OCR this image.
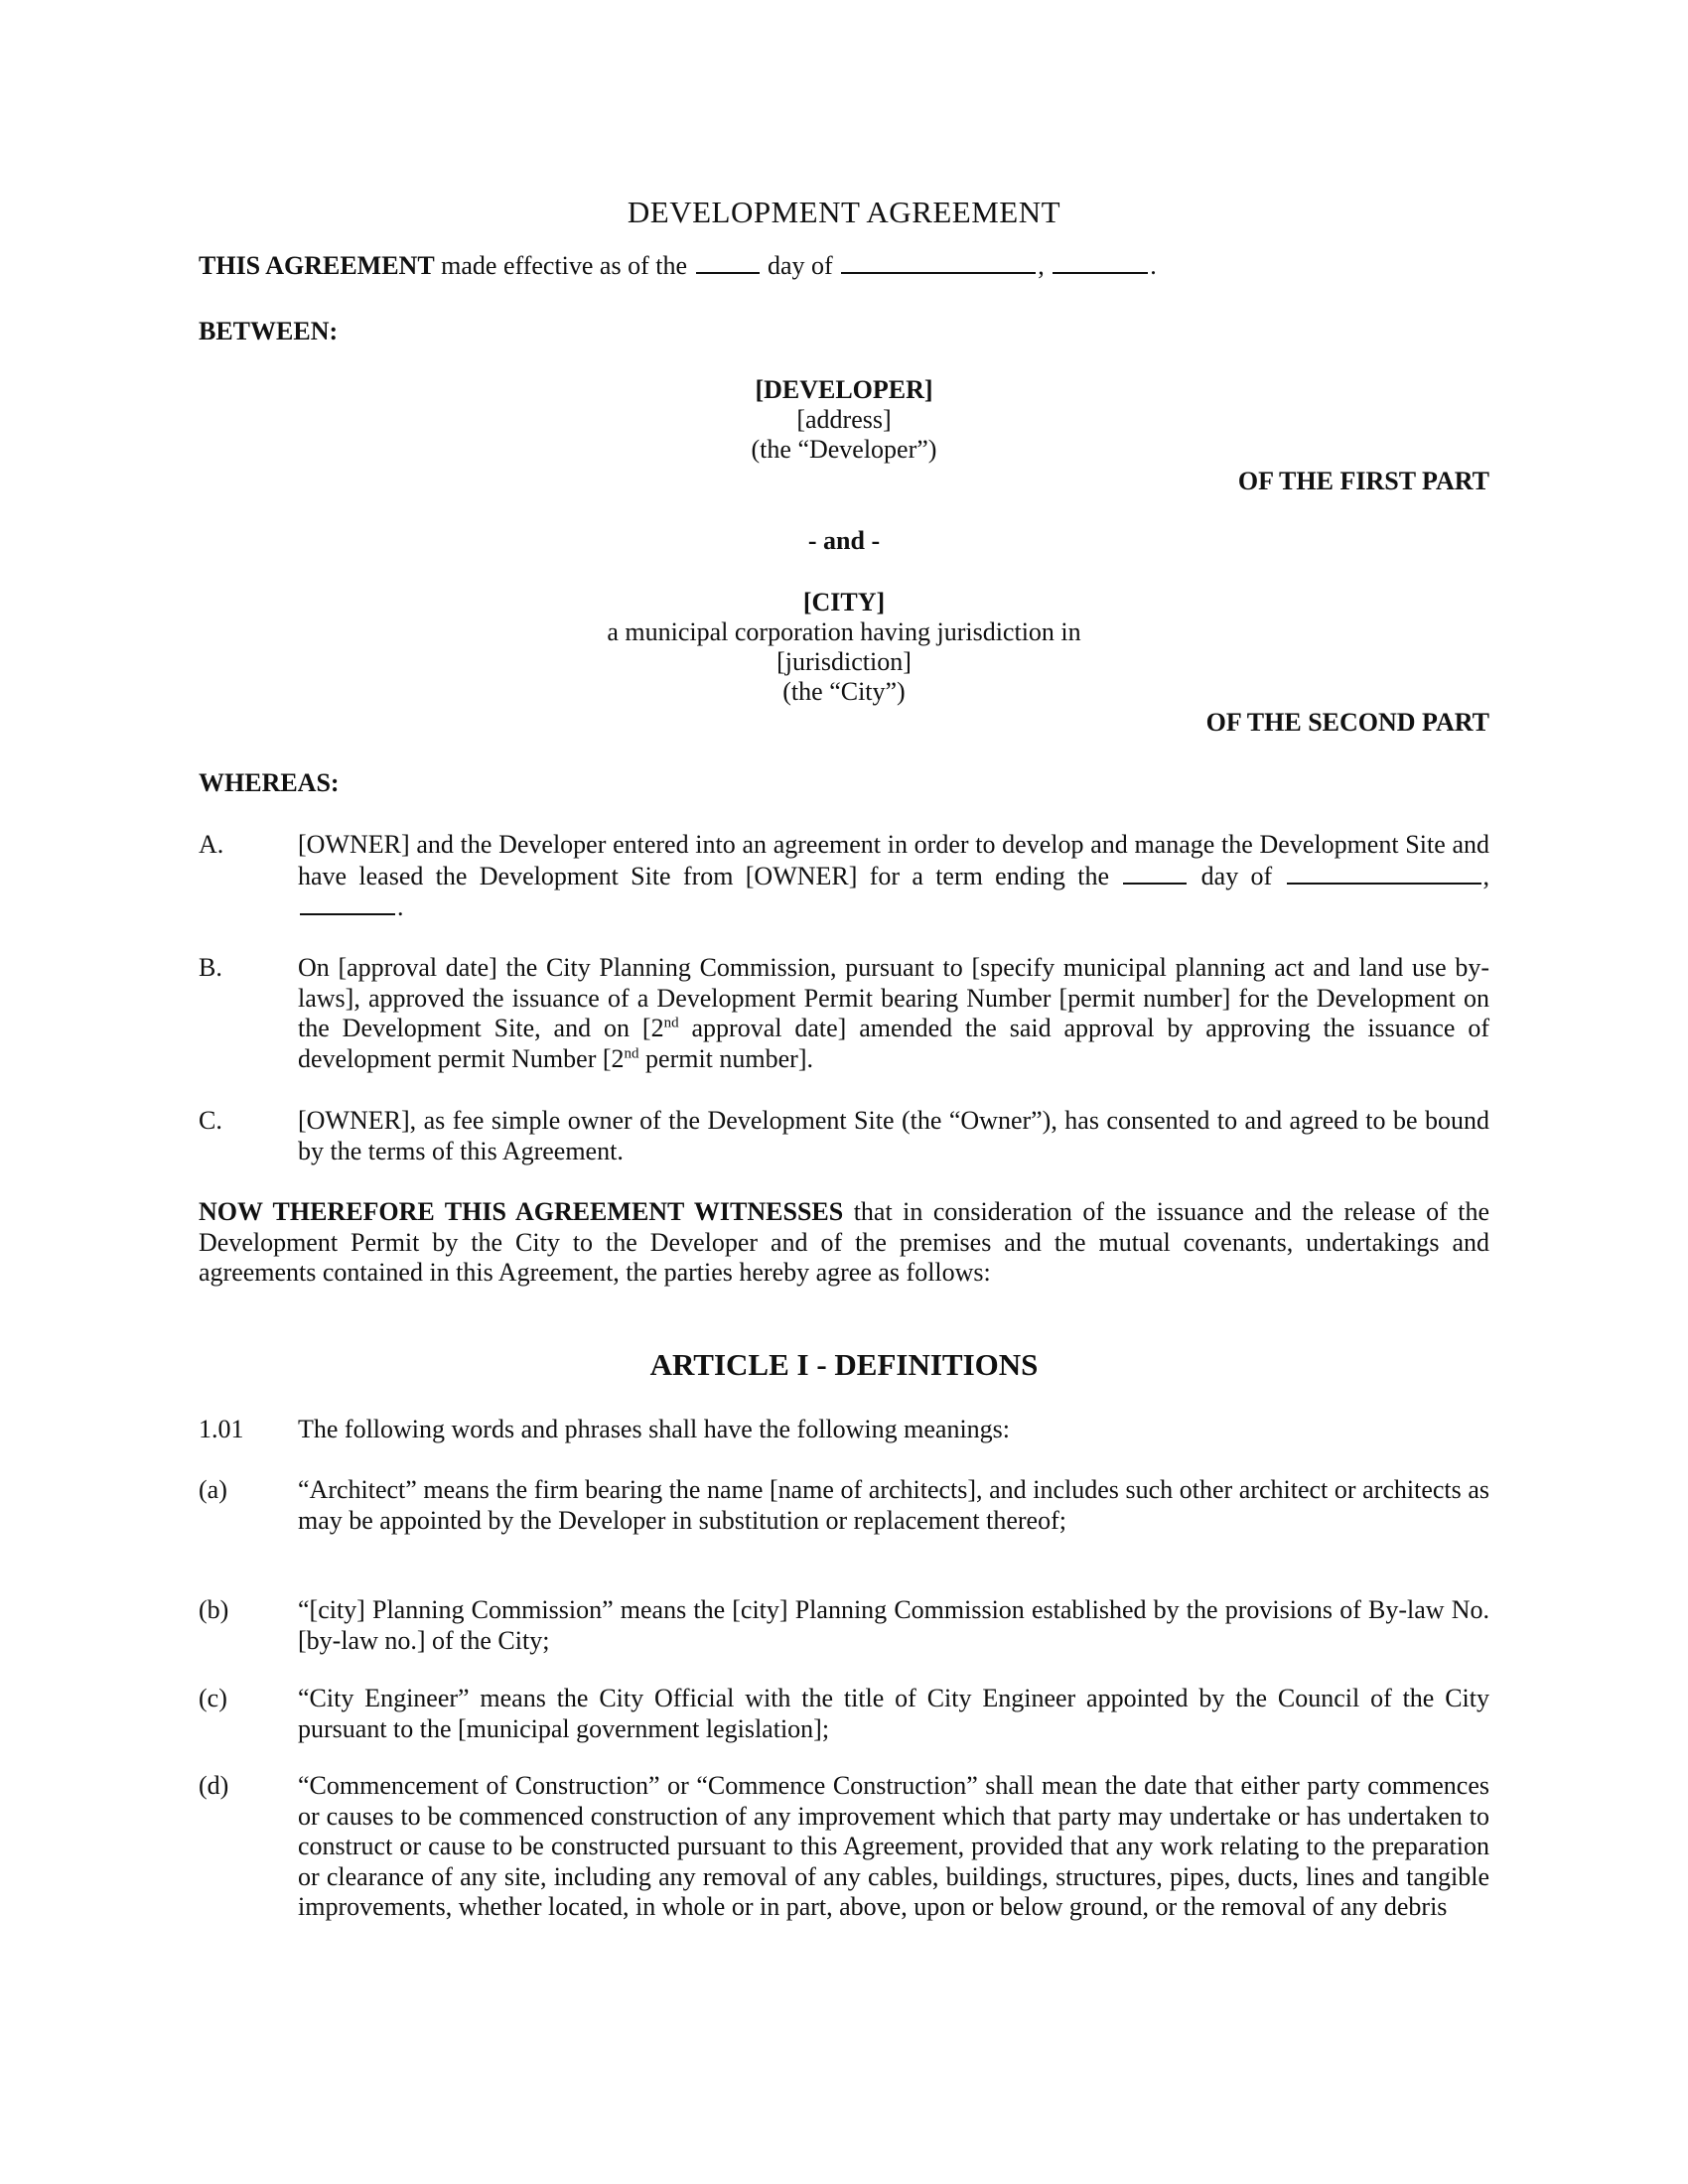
DEVELOPMENT AGREEMENT
THIS AGREEMENT made effective as of the	day of	,	.
BETWEEN:
[DEVELOPER]
[address]
(the “Developer”)
OF THE FIRST PART
- and -
[CITY]
a municipal corporation having jurisdiction in
[jurisdiction]
(the “City”)
OF THE SECOND PART
WHEREAS:
A.	[OWNER] and the Developer entered into an agreement in order to develop and manage the Development Site and have leased the Development Site from [OWNER] for a term ending the	day of	, .
B.	On [approval date] the City Planning Commission, pursuant to [specify municipal planning act and land use by-laws], approved the issuance of a Development Permit bearing Number [permit number] for the Development on the Development Site, and on [2nd approval date] amended the said approval by approving the issuance of development permit Number [2nd permit number].
C.	[OWNER], as fee simple owner of the Development Site (the “Owner”), has consented to and agreed to be bound by the terms of this Agreement.
NOW THEREFORE THIS AGREEMENT WITNESSES that in consideration of the issuance and the release of the Development Permit by the City to the Developer and of the premises and the mutual covenants, undertakings and agreements contained in this Agreement, the parties hereby agree as follows:
ARTICLE I - DEFINITIONS
1.01 The following words and phrases shall have the following meanings:
(a)	“Architect” means the firm bearing the name [name of architects], and includes such other architect or architects as may be appointed by the Developer in substitution or replacement thereof;
(b)	“[city] Planning Commission” means the [city] Planning Commission established by the provisions of By-law No. [by-law no.] of the City;
(c)	“City Engineer” means the City Official with the title of City Engineer appointed by the Council of the City pursuant to the [municipal government legislation];
(d)	“Commencement of Construction” or “Commence Construction” shall mean the date that either party commences or causes to be commenced construction of any improvement which that party may undertake or has undertaken to construct or cause to be constructed pursuant to this Agreement, provided that any work relating to the preparation or clearance of any site, including any removal of any cables, buildings, structures, pipes, ducts, lines and tangible improvements, whether located, in whole or in part, above, upon or below ground, or the removal of any debris
